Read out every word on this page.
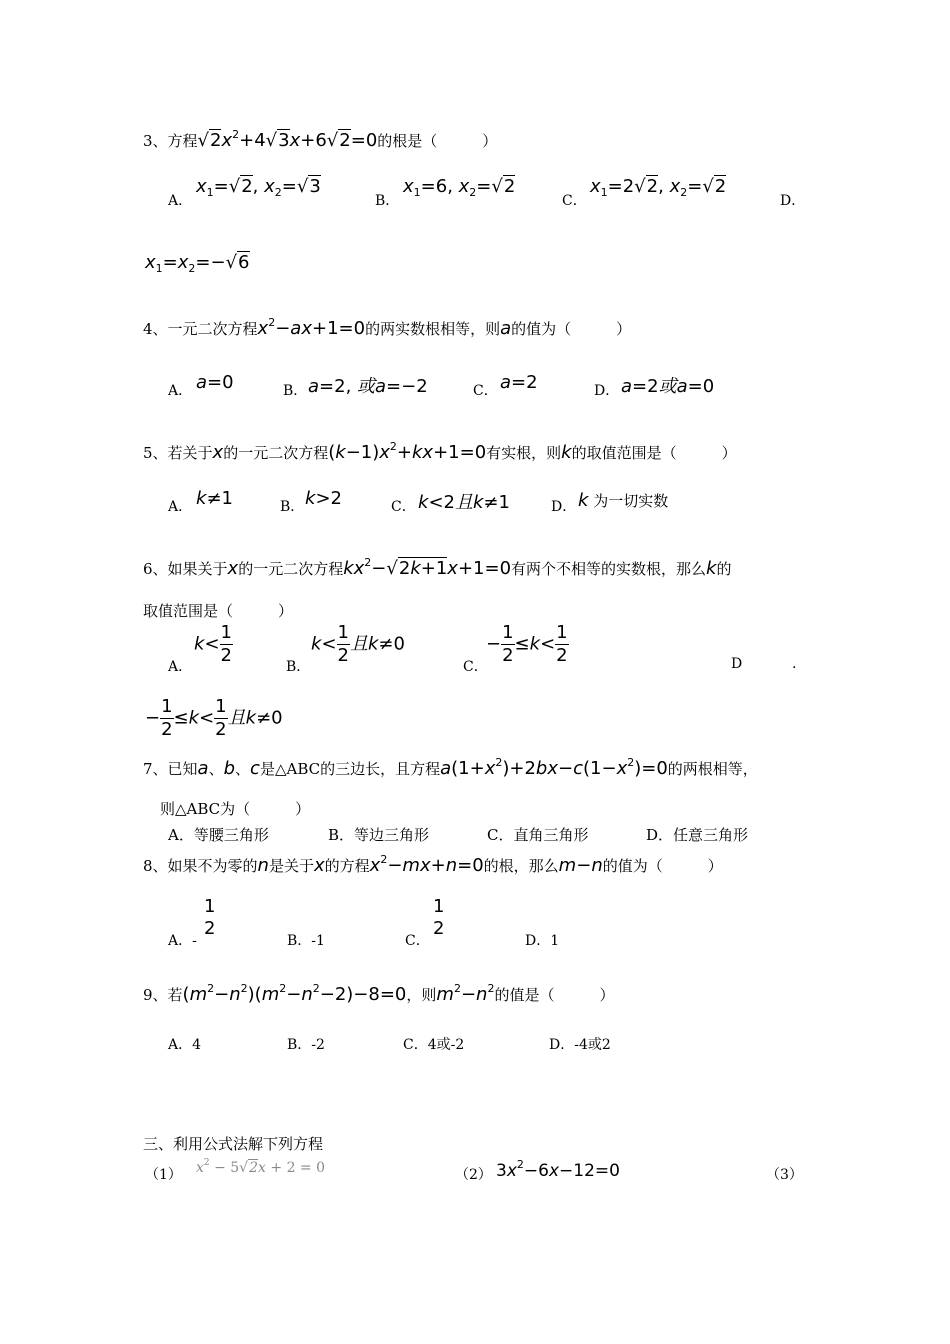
3、方程$√2x^2+4√3x+6√2=0$的根是（　　　）
A．
$x_1=√2$, $x_2=√3$
B．
$x_1=6$, $x_2=√2$
C．
$x_1=2√2$, $x_2=√2$
D．
$x_1=x_2=-√6$
4、一元二次方程$x^2-ax+1=0$的两实数根相等，则a的值为（　　　）
A． a=0	B． a=2, 或a=−2	C． a=2	D． a=2或a=0
5、若关于x的一元二次方程$(k-1)x^2+kx+1=0$有实根，则k的取值范围是（　　　）
A． k≠1	B． k>2	C． k<2且k≠1	D． k 为一切实数
6、如果关于x的一元二次方程$kx^2-√2k+1x+1=0$有两个不相等的实数根，那么k的
取值范围是（　　　）
A．
$k< \frac{1}{2}$
B．
$k< \frac{1}{2}$ 且k≠0
C．
− $\frac{1}{2} \le k< \frac{1}{2}$	D	.
− $\frac{1}{2} \le k< \frac{1}{2}$ 且k≠0
7、已知a、b、c是△ABC的三边长，且方程$a(1+x^2)+2bx-c(1-x^2)=0$的两根相等，
则△ABC为（　　　）
A．等腰三角形	B．等边三角形	C．直角三角形	D．任意三角形
8、如果不为零的n是关于x的方程$x^2-mx+n=0$的根，那么m−n的值为（　　　）
A．-
1
2
B．-1	C．
1
2
D．1
9、若$(m^2-n^2)(m^2-n^2-2)-8=0$，则$m^2-n^2$的值是（　　　）
A．4	B．-2	C．4或-2	D．-4或2
三、利用公式法解下列方程
（1） $x^2 - 5√2x + 2 = 0$	（2） $3x^2-6x-12=0$	（3）
